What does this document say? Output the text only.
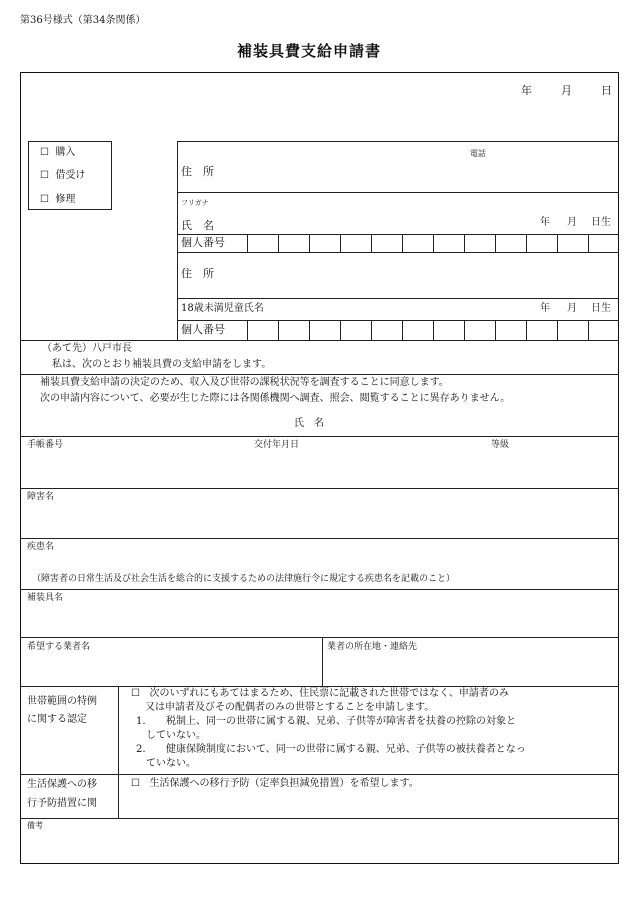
第36号様式（第34条関係）
補装具費支給申請書
年	月	日
☐ 購入
☐ 借受け
☐ 修理
電話
住　所
フリガナ
氏　名	年 月 日生
個人番号
住　所
18歳未満児童氏名	年 月 日生
個人番号
（あて先）八戸市長
私は、次のとおり補装具費の支給申請をします。
補装具費支給申請の決定のため、収入及び世帯の課税状況等を調査することに同意します。
次の申請内容について、必要が生じた際には各関係機関へ調査、照会、閲覧することに異存ありません。
氏　名
手帳番号	交付年月日	等級
障害名
疾患名
（障害者の日常生活及び社会生活を総合的に支援するための法律施行令に規定する疾患名を記載のこと）
補装具名
希望する業者名	業者の所在地・連絡先
世帯範囲の特例
に関する認定
☐ 次のいずれにもあてはまるため、住民票に記載された世帯ではなく、申請者のみ
又は申請者及びその配偶者のみの世帯とすることを申請します。
1. 税制上、同一の世帯に属する親、兄弟、子供等が障害者を扶養の控除の対象と
していない。
2. 健康保険制度において、同一の世帯に属する親、兄弟、子供等の被扶養者となっ
ていない。
生活保護への移
行予防措置に関
☐ 生活保護への移行予防（定率負担減免措置）を希望します。
備考
